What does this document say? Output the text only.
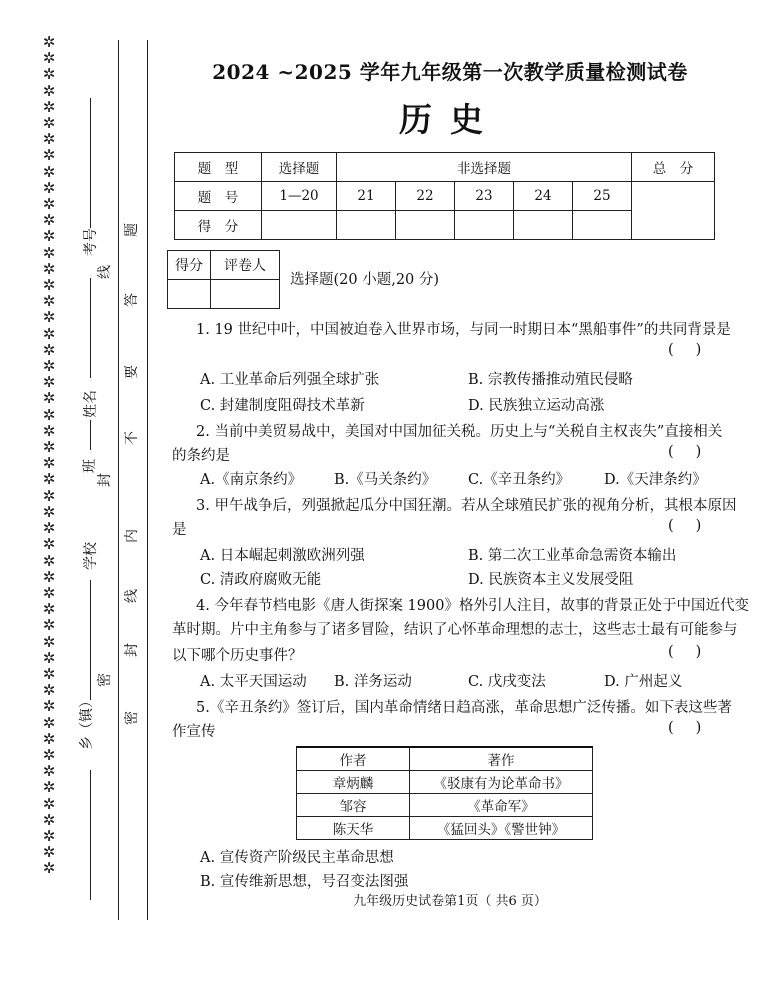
✲✲✲✲✲✲✲✲✲✲✲✲✲✲✲✲✲✲✲✲✲✲✲✲✲✲✲✲✲✲✲✲✲✲✲✲✲✲✲✲✲✲✲✲✲✲✲✲✲✲✲✲
考号
姓名
班
学校
乡（镇）
线
封
密
题
答
要
不
内
线
封
密
2024 ~2025 学年九年级第一次教学质量检测试卷
历史
题　型	选择题	非选择题					总　分
题　号	1—20	21	22	23	24	25	
得　分							
得分	评卷人

选择题(20 小题,20 分)
1. 19 世纪中叶，中国被迫卷入世界市场，与同一时期日本“黑船事件”的共同背景是
()
A. 工业革命后列强全球扩张	B. 宗教传播推动殖民侵略
C. 封建制度阻碍技术革新	D. 民族独立运动高涨
2. 当前中美贸易战中，美国对中国加征关税。历史上与“关税自主权丧失”直接相关
的条约是	()
A.《南京条约》 B.《马关条约》 C.《辛丑条约》 D.《天津条约》
3. 甲午战争后，列强掀起瓜分中国狂潮。若从全球殖民扩张的视角分析，其根本原因
是	()
A. 日本崛起刺激欧洲列强	B. 第二次工业革命急需资本输出
C. 清政府腐败无能	D. 民族资本主义发展受阻
4. 今年春节档电影《唐人街探案 1900》格外引人注目，故事的背景正处于中国近代变
革时期。片中主角参与了诸多冒险，结识了心怀革命理想的志士，这些志士最有可能参与
以下哪个历史事件？	()
A. 太平天国运动 B. 洋务运动	C. 戊戌变法	D. 广州起义
5.《辛丑条约》签订后，国内革命情绪日趋高涨，革命思想广泛传播。如下表这些著
作宣传	()
作者	著作
章炳麟	《驳康有为论革命书》
邹容	《革命军》
陈天华	《猛回头》《警世钟》
A. 宣传资产阶级民主革命思想
B. 宣传维新思想，号召变法图强
九年级历史试卷第1页（ 共6 页）
